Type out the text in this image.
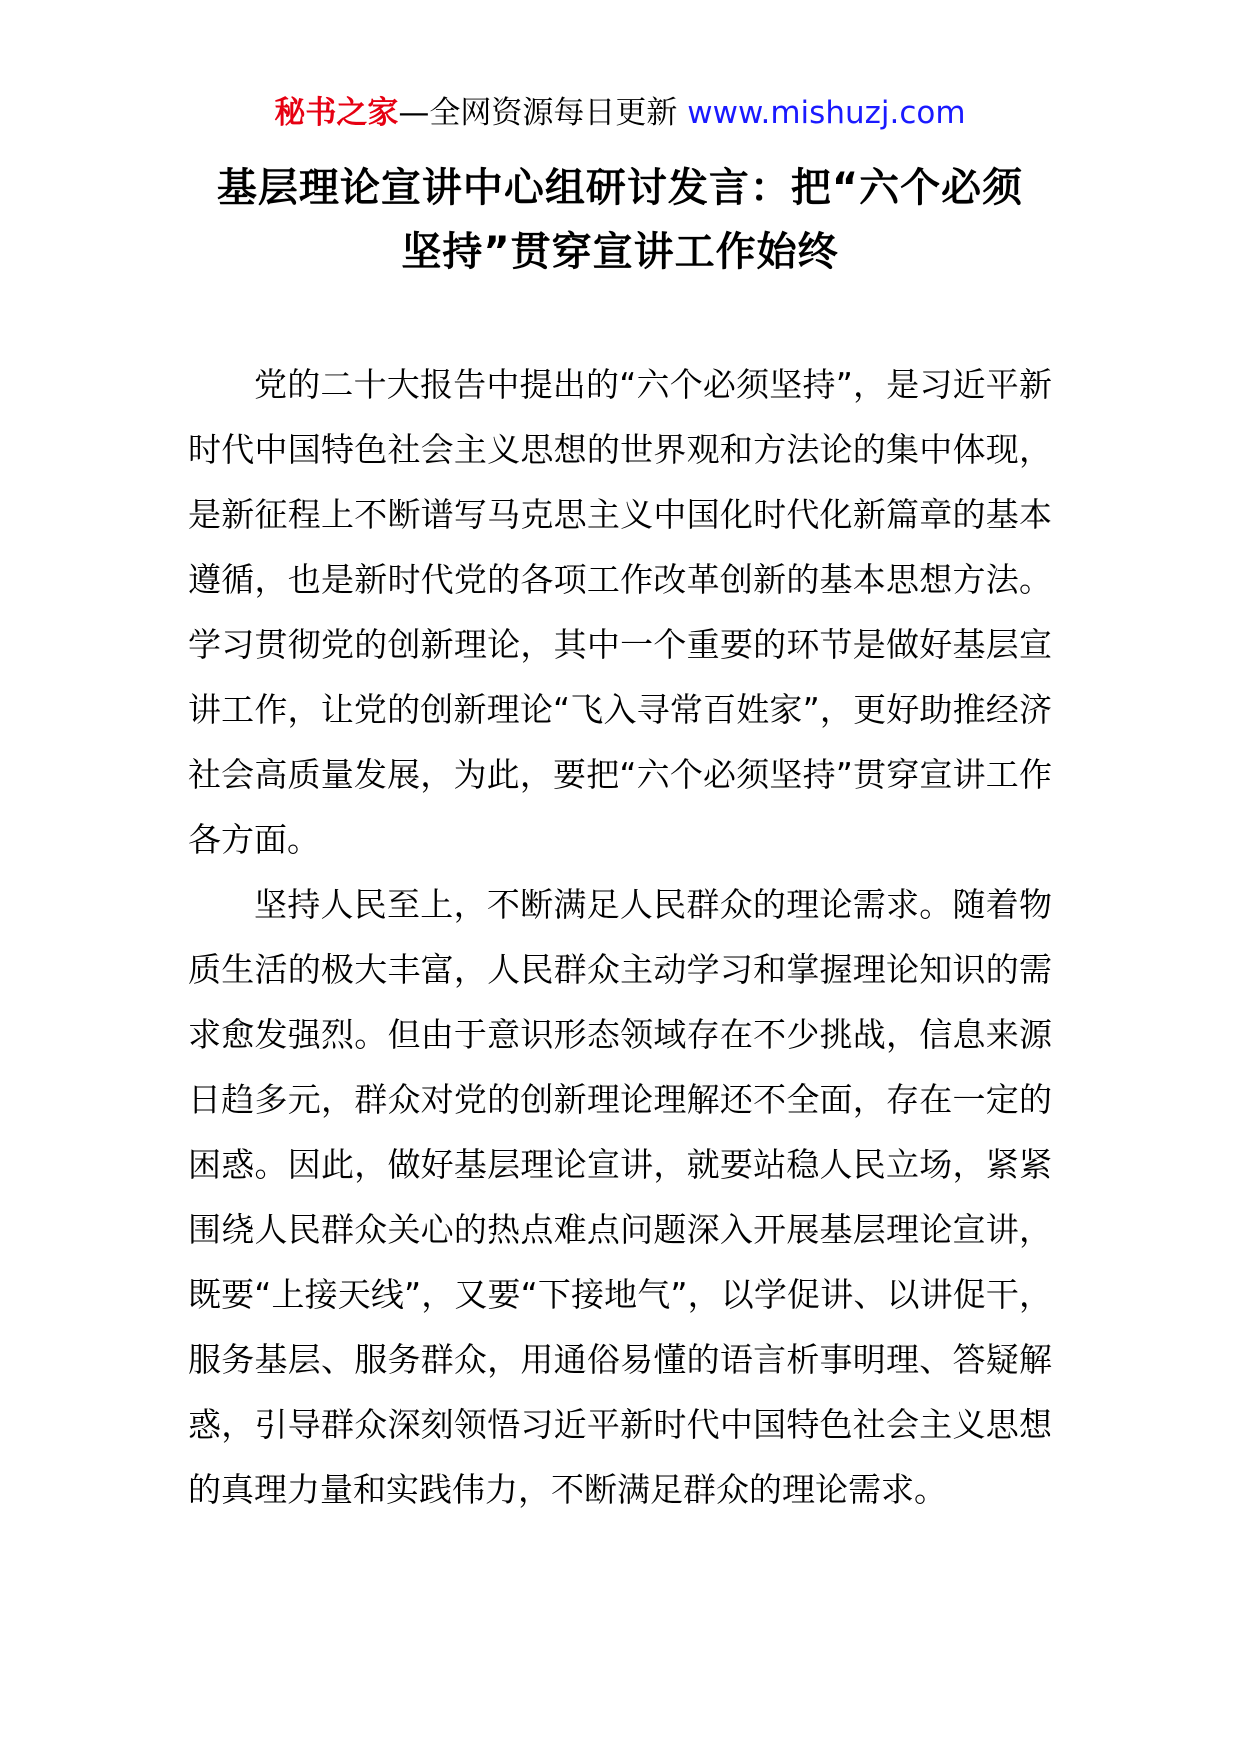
秘书之家—全网资源每日更新 www.mishuzj.com
基层理论宣讲中心组研讨发言：把“六个必须
坚持”贯穿宣讲工作始终

党的二十大报告中提出的“六个必须坚持”，是习近平新时代中国特色社会主义思想的世界观和方法论的集中体现，是新征程上不断谱写马克思主义中国化时代化新篇章的基本遵循，也是新时代党的各项工作改革创新的基本思想方法。学习贯彻党的创新理论，其中一个重要的环节是做好基层宣讲工作，让党的创新理论“飞入寻常百姓家”，更好助推经济社会高质量发展，为此，要把“六个必须坚持”贯穿宣讲工作各方面。

坚持人民至上，不断满足人民群众的理论需求。随着物质生活的极大丰富，人民群众主动学习和掌握理论知识的需求愈发强烈。但由于意识形态领域存在不少挑战，信息来源日趋多元，群众对党的创新理论理解还不全面，存在一定的困惑。因此，做好基层理论宣讲，就要站稳人民立场，紧紧围绕人民群众关心的热点难点问题深入开展基层理论宣讲，既要“上接天线”，又要“下接地气”，以学促讲、以讲促干，服务基层、服务群众，用通俗易懂的语言析事明理、答疑解惑，引导群众深刻领悟习近平新时代中国特色社会主义思想的真理力量和实践伟力，不断满足群众的理论需求。
